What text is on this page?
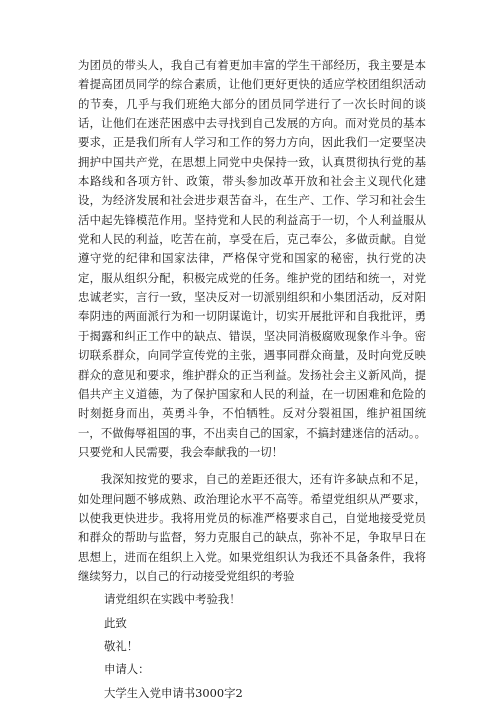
为团员的带头人，我自己有着更加丰富的学生干部经历，我主要是本着提高团员同学的综合素质，让他们更好更快的适应学校团组织活动的节奏，几乎与我们班绝大部分的团员同学进行了一次长时间的谈话，让他们在迷茫困惑中去寻找到自己发展的方向。而对党员的基本要求，正是我们所有人学习和工作的努力方向，因此我们一定要坚决拥护中国共产党，在思想上同党中央保持一致，认真贯彻执行党的基本路线和各项方针、政策，带头参加改革开放和社会主义现代化建设，为经济发展和社会进步艰苦奋斗，在生产、工作、学习和社会生活中起先锋模范作用。坚持党和人民的利益高于一切，个人利益服从党和人民的利益，吃苦在前，享受在后，克己奉公，多做贡献。自觉遵守党的纪律和国家法律，严格保守党和国家的秘密，执行党的决定，服从组织分配，积极完成党的任务。维护党的团结和统一，对党忠诚老实，言行一致，坚决反对一切派别组织和小集团活动，反对阳奉阴违的两面派行为和一切阴谋诡计，切实开展批评和自我批评，勇于揭露和纠正工作中的缺点、错误，坚决同消极腐败现象作斗争。密切联系群众，向同学宣传党的主张，遇事同群众商量，及时向党反映群众的意见和要求，维护群众的正当利益。发扬社会主义新风尚，提倡共产主义道德，为了保护国家和人民的利益，在一切困难和危险的时刻挺身而出，英勇斗争，不怕牺牲。反对分裂祖国，维护祖国统一，不做侮辱祖国的事，不出卖自己的国家，不搞封建迷信的活动。。只要党和人民需要，我会奉献我的一切！

我深知按党的要求，自己的差距还很大，还有许多缺点和不足，如处理问题不够成熟、政治理论水平不高等。希望党组织从严要求，以使我更快进步。我将用党员的标准严格要求自己，自觉地接受党员和群众的帮助与监督，努力克服自己的缺点，弥补不足，争取早日在思想上，进而在组织上入党。如果党组织认为我还不具备条件，我将继续努力，以自己的行动接受党组织的考验

请党组织在实践中考验我！

此致

敬礼！

申请人：

大学生入党申请书3000字2
